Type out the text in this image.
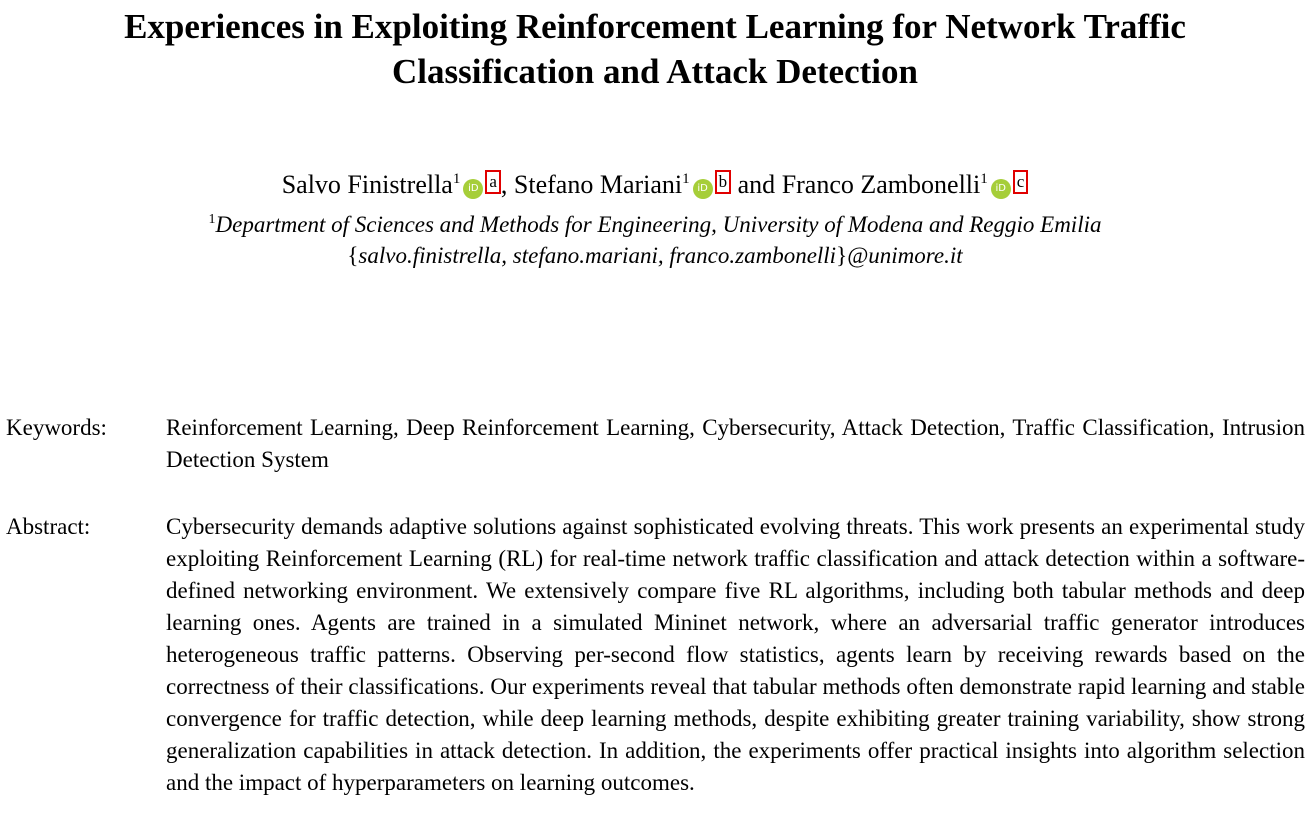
Experiences in Exploiting Reinforcement Learning for Network Traffic
Classification and Attack Detection
Salvo Finistrella$^1$iD a , Stefano Mariani$^1$iD b and Franco Zambonelli$^1$iD c
$^1$Department of Sciences and Methods for Engineering, University of Modena and Reggio Emilia
{salvo.finistrella, stefano.mariani, franco.zambonelli}@unimore.it
Keywords:	Reinforcement Learning, Deep Reinforcement Learning, Cybersecurity, Attack Detection, Traffic Classification, Intrusion Detection System
Abstract:	Cybersecurity demands adaptive solutions against sophisticated evolving threats. This work presents an experimental study exploiting Reinforcement Learning (RL) for real-time network traffic classification and attack detection within a software-defined networking environment. We extensively compare five RL algorithms, including both tabular methods and deep learning ones. Agents are trained in a simulated Mininet network, where an adversarial traffic generator introduces heterogeneous traffic patterns. Observing per-second flow statistics, agents learn by receiving rewards based on the correctness of their classifications. Our experiments reveal that tabular methods often demonstrate rapid learning and stable convergence for traffic detection, while deep learning methods, despite exhibiting greater training variability, show strong generalization capabilities in attack detection. In addition, the experiments offer practical insights into algorithm selection and the impact of hyperparameters on learning outcomes.
